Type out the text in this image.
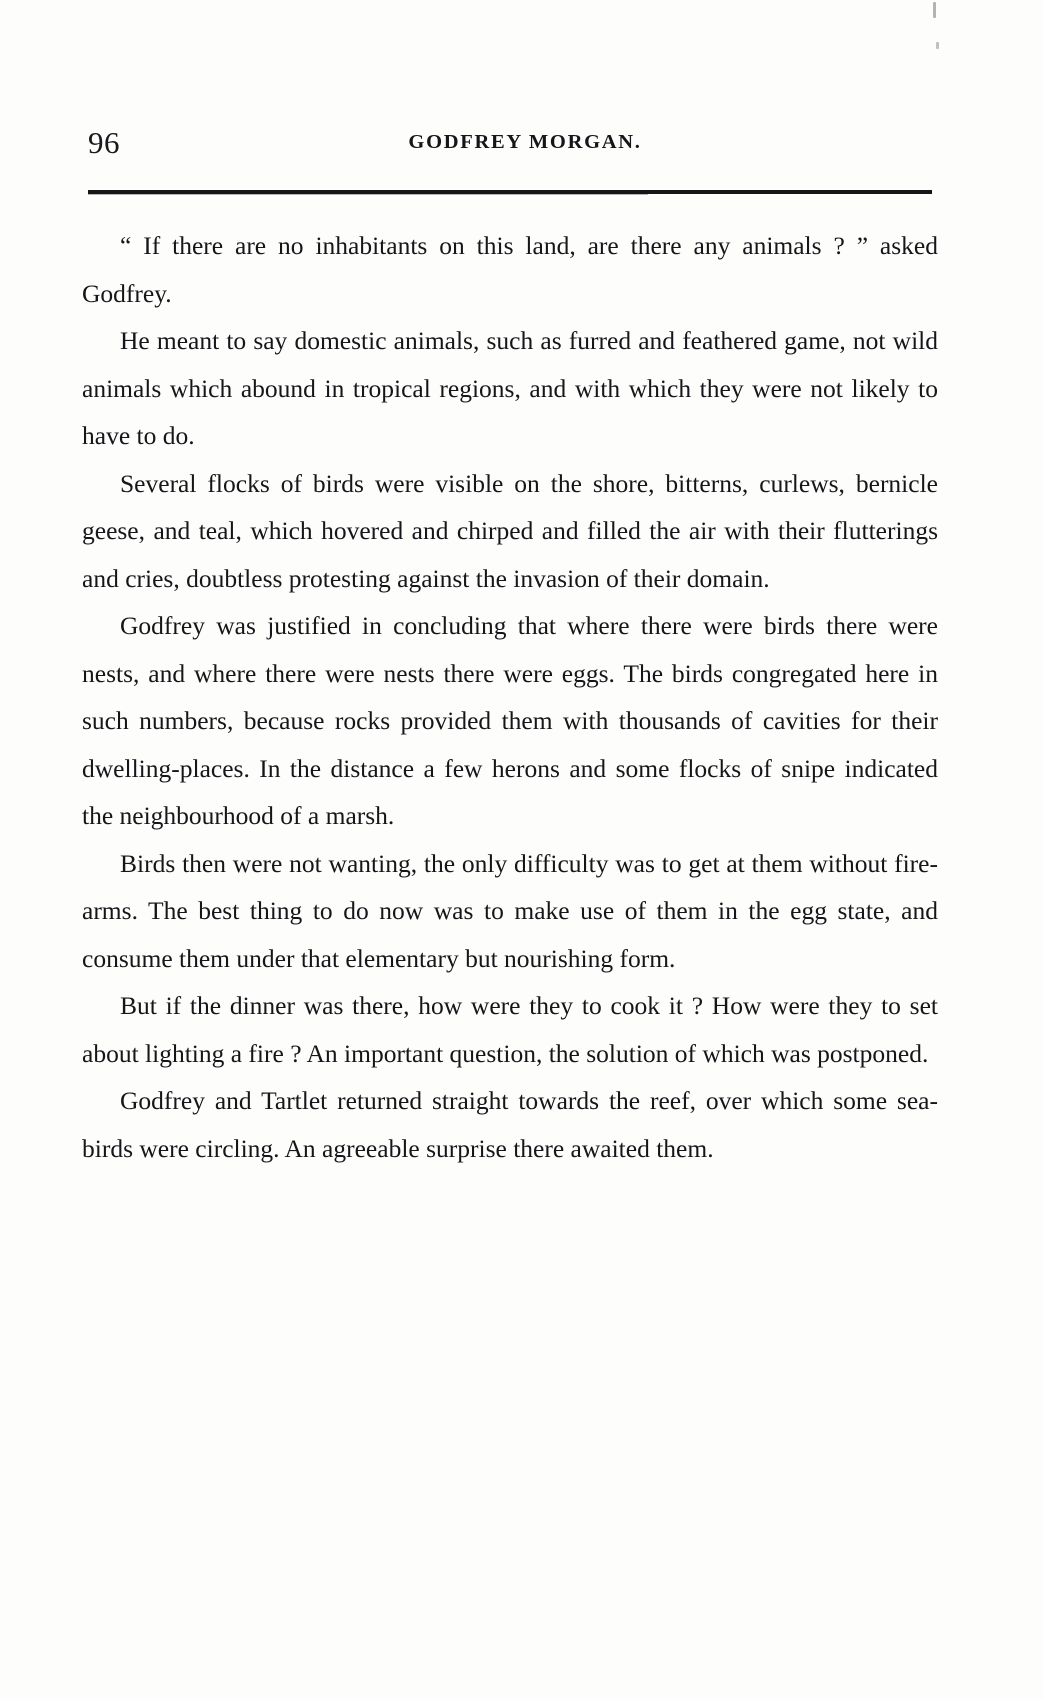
96	GODFREY MORGAN.

“ If there are no inhabitants on this land, are there any animals ? ” asked Godfrey.

He meant to say domestic animals, such as furred and feathered game, not wild animals which abound in tropical regions, and with which they were not likely to have to do.

Several flocks of birds were visible on the shore, bitterns, curlews, bernicle geese, and teal, which hovered and chirped and filled the air with their flutterings and cries, doubtless protesting against the invasion of their domain.

Godfrey was justified in concluding that where there were birds there were nests, and where there were nests there were eggs. The birds congregated here in such numbers, because rocks provided them with thousands of cavities for their dwelling-places. In the distance a few herons and some flocks of snipe indicated the neighbourhood of a marsh.

Birds then were not wanting, the only difficulty was to get at them without fire-arms. The best thing to do now was to make use of them in the egg state, and consume them under that elementary but nourishing form.

But if the dinner was there, how were they to cook it ? How were they to set about lighting a fire ? An important question, the solution of which was postponed.

Godfrey and Tartlet returned straight towards the reef, over which some sea-birds were circling. An agreeable surprise there awaited them.
